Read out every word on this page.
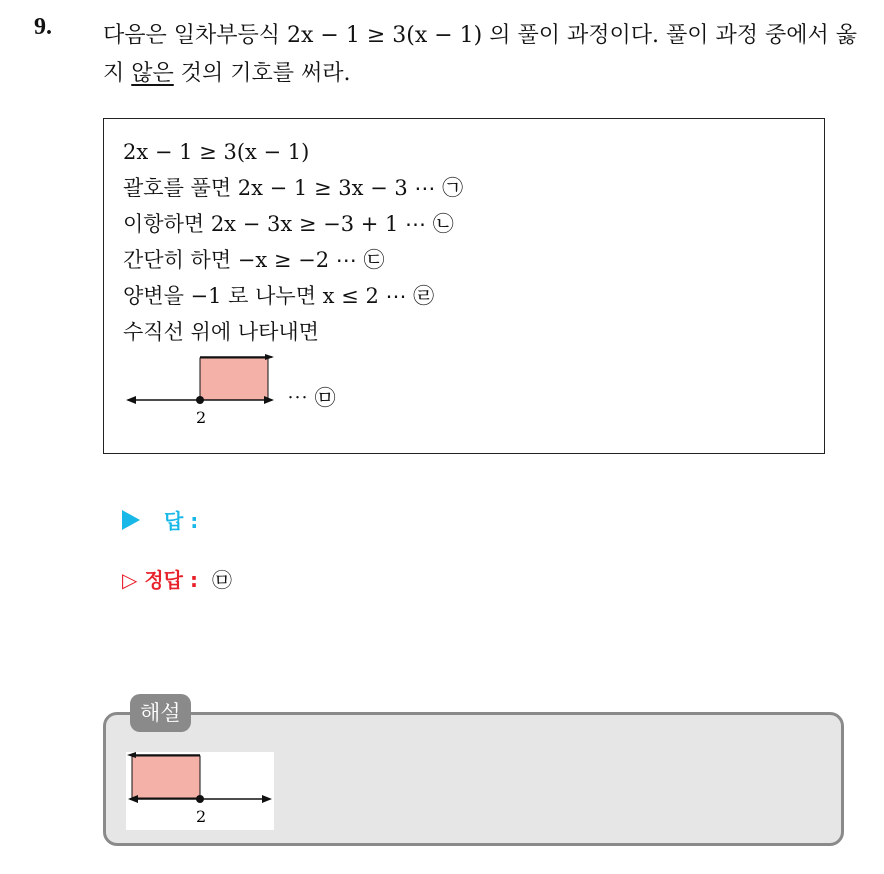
9. 다음은 일차부등식 2x − 1 ≥ 3(x − 1) 의 풀이 과정이다. 풀이 과정 중에서 옳지 않은 것의 기호를 써라.
2x − 1 ≥ 3(x − 1)
괄호를 풀면 2x − 1 ≥ 3x − 3 ⋯ ㉠
이항하면 2x − 3x ≥ −3 + 1 ⋯ ㉡
간단히 하면 −x ≥ −2 ⋯ ㉢
양변을 −1 로 나누면 x ≤ 2 ⋯ ㉣
수직선 위에 나타내면
2
⋯ ㉤
답 :
▷ 정답 : ㉤
해설
2
